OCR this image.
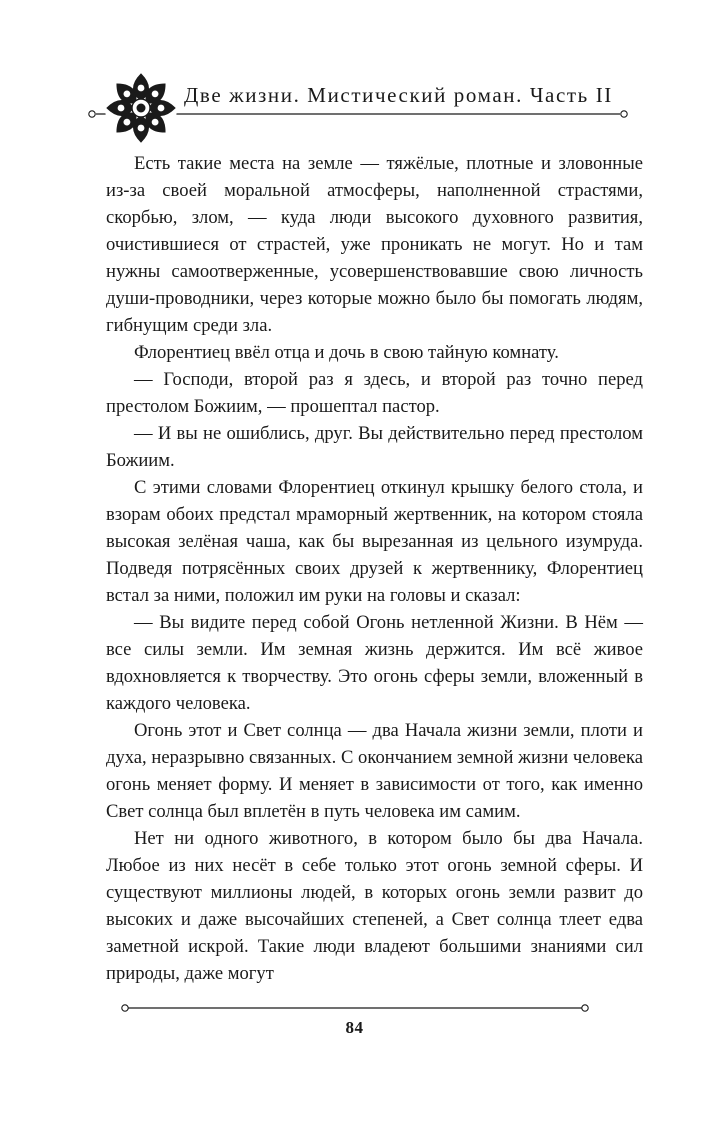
Две жизни. Мистический роман. Часть II

Есть такие места на земле — тяжёлые, плотные и зловонные из-за своей моральной атмосферы, наполненной страстями, скорбью, злом, — куда люди высокого духовного развития, очистившиеся от страстей, уже проникать не могут. Но и там нужны самоотверженные, усовершенствовавшие свою личность души-проводники, через которые можно было бы помогать людям, гибнущим среди зла.

Флорентиец ввёл отца и дочь в свою тайную комнату.

— Господи, второй раз я здесь, и второй раз точно перед престолом Божиим, — прошептал пастор.

— И вы не ошиблись, друг. Вы действительно перед престолом Божиим.

С этими словами Флорентиец откинул крышку белого стола, и взорам обоих предстал мраморный жертвенник, на котором стояла высокая зелёная чаша, как бы вырезанная из цельного изумруда. Подведя потрясённых своих друзей к жертвеннику, Флорентиец встал за ними, положил им руки на головы и сказал:

— Вы видите перед собой Огонь нетленной Жизни. В Нём — все силы земли. Им земная жизнь держится. Им всё живое вдохновляется к творчеству. Это огонь сферы земли, вложенный в каждого человека.

Огонь этот и Свет солнца — два Начала жизни земли, плоти и духа, неразрывно связанных. С окончанием земной жизни человека огонь меняет форму. И меняет в зависимости от того, как именно Свет солнца был вплетён в путь человека им самим.

Нет ни одного животного, в котором было бы два Начала. Любое из них несёт в себе только этот огонь земной сферы. И существуют миллионы людей, в которых огонь земли развит до высоких и даже высочайших степеней, а Свет солнца тлеет едва заметной искрой. Такие люди владеют большими знаниями сил природы, даже могут

84
